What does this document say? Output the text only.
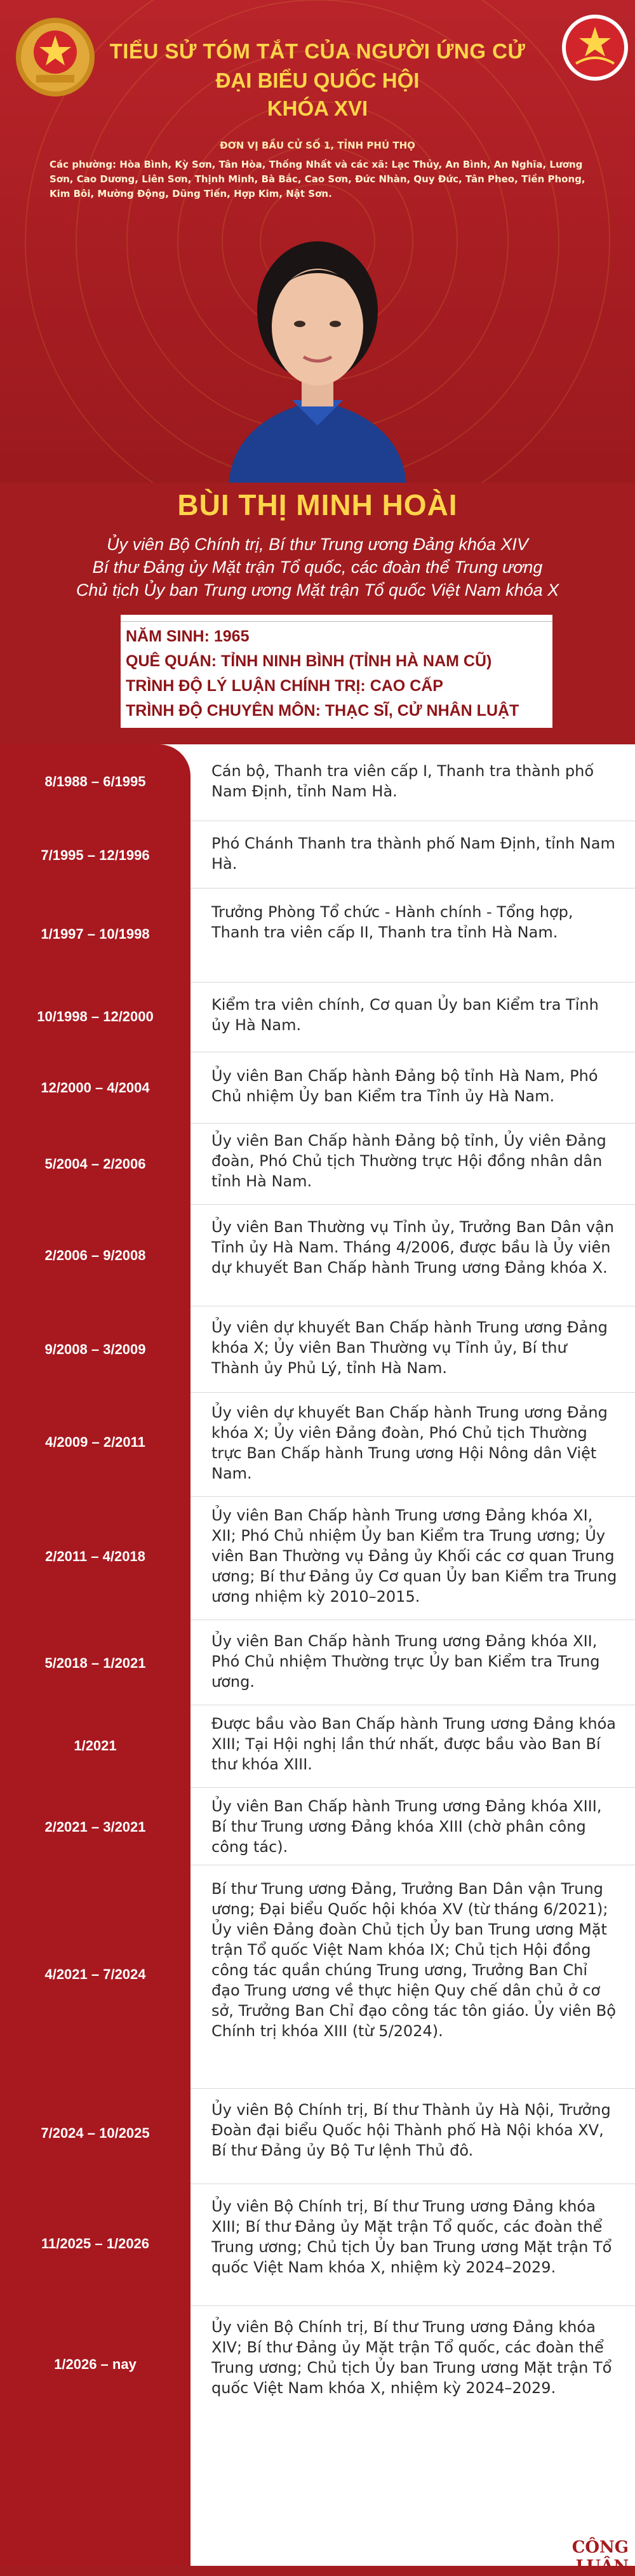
TIỂU SỬ TÓM TẮT CỦA NGƯỜI ỨNG CỬ
ĐẠI BIỂU QUỐC HỘI
KHÓA XVI
ĐƠN VỊ BẦU CỬ SỐ 1, TỈNH PHÚ THỌ
Các phường: Hòa Bình, Kỳ Sơn, Tân Hòa, Thống Nhất và các xã: Lạc Thủy, An Bình, An Nghĩa, Lương Sơn, Cao Dương, Liên Sơn, Thịnh Minh, Bà Bắc, Cao Sơn, Đức Nhàn, Quy Đức, Tân Pheo, Tiền Phong, Kim Bôi, Mường Động, Dũng Tiến, Hợp Kim, Nật Sơn.
BÙI THỊ MINH HOÀI
Ủy viên Bộ Chính trị, Bí thư Trung ương Đảng khóa XIV
Bí thư Đảng ủy Mặt trận Tổ quốc, các đoàn thể Trung ương
Chủ tịch Ủy ban Trung ương Mặt trận Tổ quốc Việt Nam khóa X
NĂM SINH: 1965
QUÊ QUÁN: TỈNH NINH BÌNH (TỈNH HÀ NAM CŨ)
TRÌNH ĐỘ LÝ LUẬN CHÍNH TRỊ: CAO CẤP
TRÌNH ĐỘ CHUYÊN MÔN: THẠC SĨ, CỬ NHÂN LUẬT
8/1988 – 6/1995
Cán bộ, Thanh tra viên cấp I, Thanh tra thành phố Nam Định, tỉnh Nam Hà.
7/1995 – 12/1996
Phó Chánh Thanh tra thành phố Nam Định, tỉnh Nam Hà.
1/1997 – 10/1998
Trưởng Phòng Tổ chức - Hành chính - Tổng hợp, Thanh tra viên cấp II, Thanh tra tỉnh Hà Nam.
10/1998 – 12/2000
Kiểm tra viên chính, Cơ quan Ủy ban Kiểm tra Tỉnh ủy Hà Nam.
12/2000 – 4/2004
Ủy viên Ban Chấp hành Đảng bộ tỉnh Hà Nam, Phó Chủ nhiệm Ủy ban Kiểm tra Tỉnh ủy Hà Nam.
5/2004 – 2/2006
Ủy viên Ban Chấp hành Đảng bộ tỉnh, Ủy viên Đảng đoàn, Phó Chủ tịch Thường trực Hội đồng nhân dân tỉnh Hà Nam.
2/2006 – 9/2008
Ủy viên Ban Thường vụ Tỉnh ủy, Trưởng Ban Dân vận Tỉnh ủy Hà Nam. Tháng 4/2006, được bầu là Ủy viên dự khuyết Ban Chấp hành Trung ương Đảng khóa X.
9/2008 – 3/2009
Ủy viên dự khuyết Ban Chấp hành Trung ương Đảng khóa X; Ủy viên Ban Thường vụ Tỉnh ủy, Bí thư Thành ủy Phủ Lý, tỉnh Hà Nam.
4/2009 – 2/2011
Ủy viên dự khuyết Ban Chấp hành Trung ương Đảng khóa X; Ủy viên Đảng đoàn, Phó Chủ tịch Thường trực Ban Chấp hành Trung ương Hội Nông dân Việt Nam.
2/2011 – 4/2018
Ủy viên Ban Chấp hành Trung ương Đảng khóa XI, XII; Phó Chủ nhiệm Ủy ban Kiểm tra Trung ương; Ủy viên Ban Thường vụ Đảng ủy Khối các cơ quan Trung ương; Bí thư Đảng ủy Cơ quan Ủy ban Kiểm tra Trung ương nhiệm kỳ 2010–2015.
5/2018 – 1/2021
Ủy viên Ban Chấp hành Trung ương Đảng khóa XII, Phó Chủ nhiệm Thường trực Ủy ban Kiểm tra Trung ương.
1/2021
Được bầu vào Ban Chấp hành Trung ương Đảng khóa XIII; Tại Hội nghị lần thứ nhất, được bầu vào Ban Bí thư khóa XIII.
2/2021 – 3/2021
Ủy viên Ban Chấp hành Trung ương Đảng khóa XIII, Bí thư Trung ương Đảng khóa XIII (chờ phân công công tác).
4/2021 – 7/2024
Bí thư Trung ương Đảng, Trưởng Ban Dân vận Trung ương; Đại biểu Quốc hội khóa XV (từ tháng 6/2021); Ủy viên Đảng đoàn Chủ tịch Ủy ban Trung ương Mặt trận Tổ quốc Việt Nam khóa IX; Chủ tịch Hội đồng công tác quần chúng Trung ương, Trưởng Ban Chỉ đạo Trung ương về thực hiện Quy chế dân chủ ở cơ sở, Trưởng Ban Chỉ đạo công tác tôn giáo. Ủy viên Bộ Chính trị khóa XIII (từ 5/2024).
7/2024 – 10/2025
Ủy viên Bộ Chính trị, Bí thư Thành ủy Hà Nội, Trưởng Đoàn đại biểu Quốc hội Thành phố Hà Nội khóa XV, Bí thư Đảng ủy Bộ Tư lệnh Thủ đô.
11/2025 – 1/2026
Ủy viên Bộ Chính trị, Bí thư Trung ương Đảng khóa XIII; Bí thư Đảng ủy Mặt trận Tổ quốc, các đoàn thể Trung ương; Chủ tịch Ủy ban Trung ương Mặt trận Tổ quốc Việt Nam khóa X, nhiệm kỳ 2024–2029.
1/2026 – nay
Ủy viên Bộ Chính trị, Bí thư Trung ương Đảng khóa XIV; Bí thư Đảng ủy Mặt trận Tổ quốc, các đoàn thể Trung ương; Chủ tịch Ủy ban Trung ương Mặt trận Tổ quốc Việt Nam khóa X, nhiệm kỳ 2024–2029.
CÔNG LUẬN
